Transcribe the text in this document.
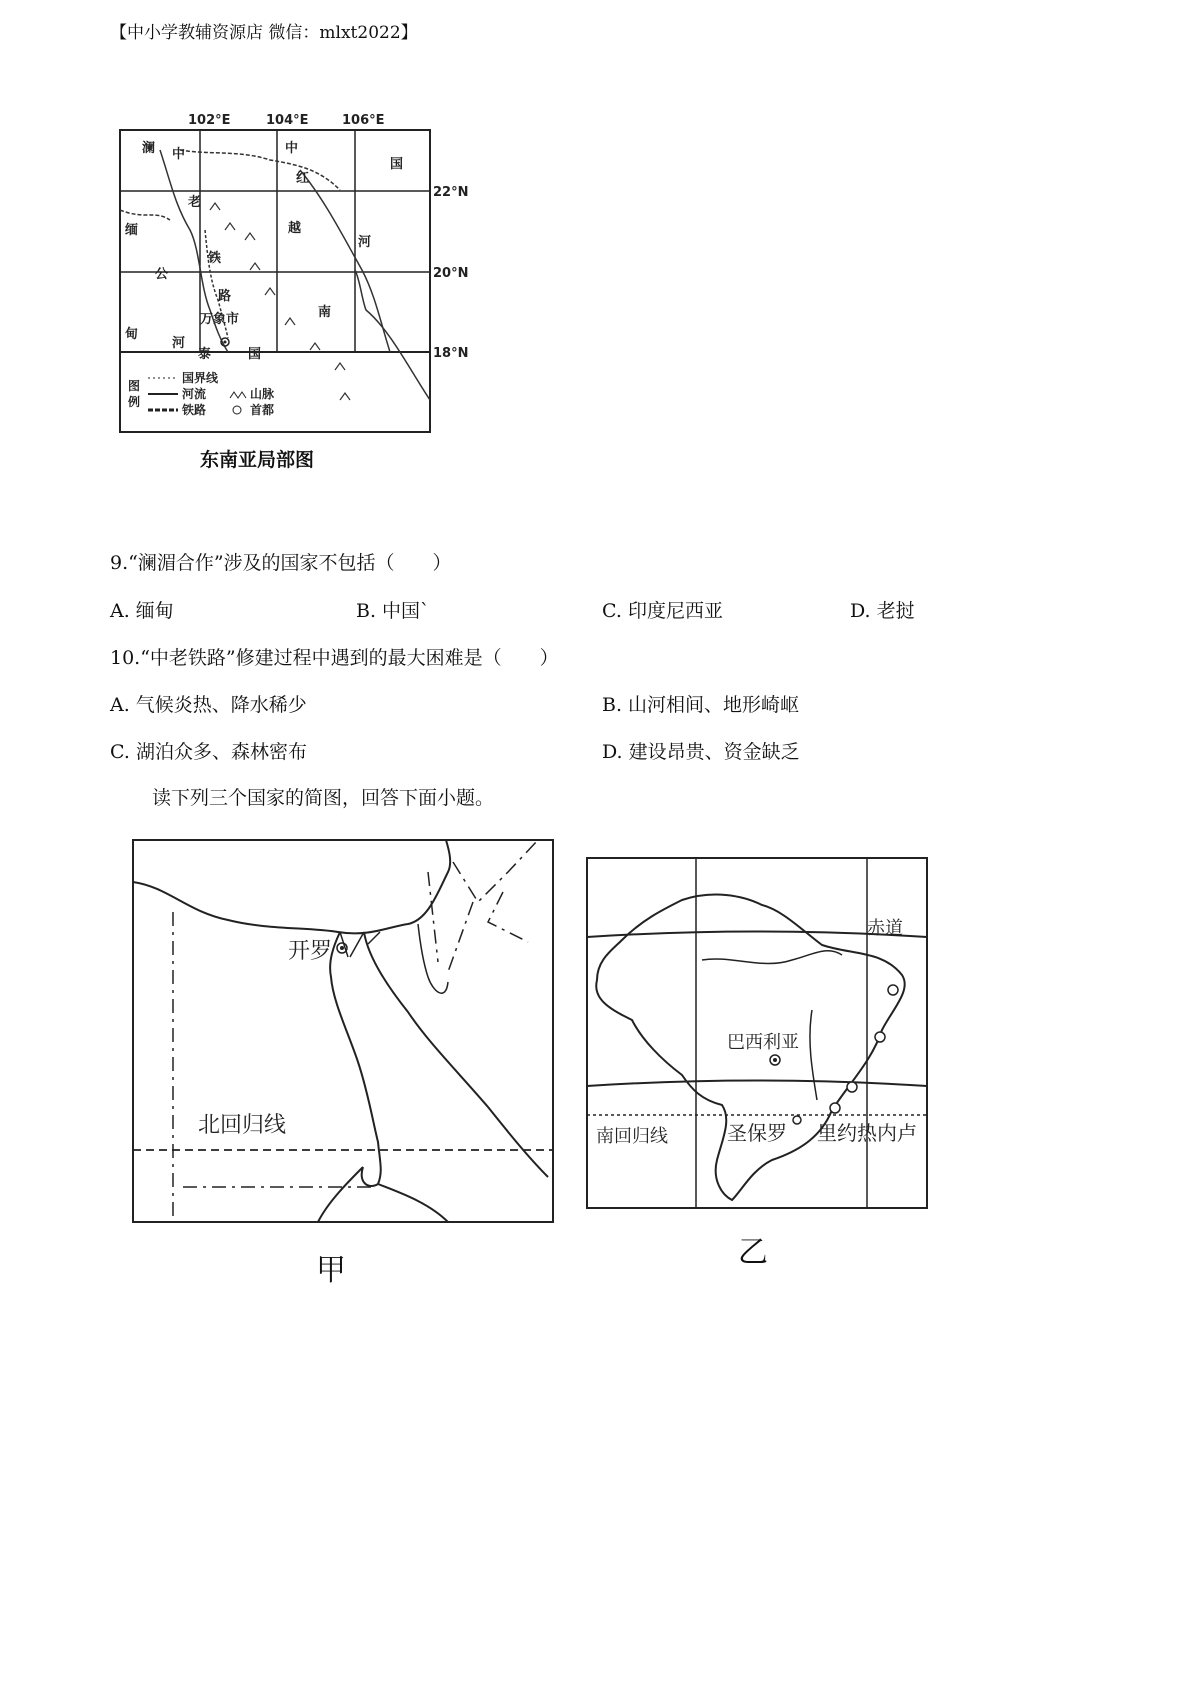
【中小学教辅资源店 微信：mlxt2022】
102°E	104°E	106°E
22°N
20°N
18°N
澜 中
老
缅
铁
公
路
甸
河
泰	国
中
红
国
越
河
南
万象市
图
例
国界线
河流
铁路
山脉
首都
东南亚局部图
9.“澜湄合作”涉及的国家不包括（　　）
A. 缅甸	B. 中国`	C. 印度尼西亚	D. 老挝
10.“中老铁路”修建过程中遇到的最大困难是（　　）
A. 气候炎热、降水稀少	B. 山河相间、地形崎岖
C. 湖泊众多、森林密布	D. 建设昂贵、资金缺乏
读下列三个国家的简图，回答下面小题。
开罗
北回归线
甲
赤道
巴西利亚
南回归线	圣保罗 里约热内卢
乙
